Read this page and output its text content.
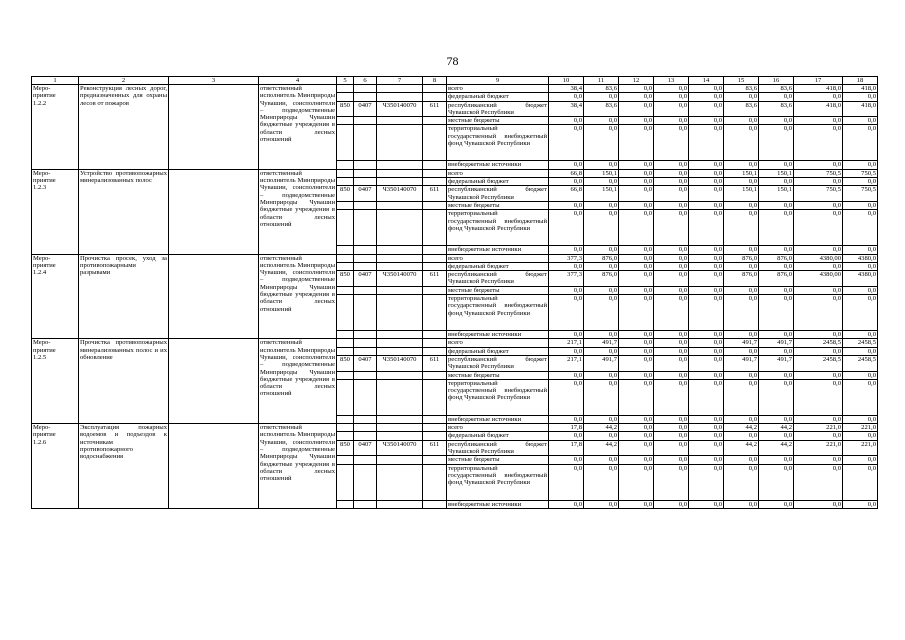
78
1	2	3	4	5	6	7	8	9	10	11	12	13	14	15	16	17	18

Меро-
приятие
1.2.2	Реконструкция лесных дорог, предназначенных для охраны лесов от пожаров		ответственный исполнитель Минприроды Чувашии, соисполнители – подведомственные Минприроды Чувашии бюджетные учреждения в области лесных отношений					всего	38,4	83,6	0,0	0,0	0,0	83,6	83,6	418,0	418,0
								федеральный бюджет	0,0	0,0	0,0	0,0	0,0	0,0	0,0	0,0	0,0
				850	0407	Ч350140070	611	республиканский бюджет Чувашской Республики	38,4	83,6	0,0	0,0	0,0	83,6	83,6	418,0	418,0
								местные бюджеты	0,0	0,0	0,0	0,0	0,0	0,0	0,0	0,0	0,0
								территориальный государственный внебюджетный фонд Чувашской Республики	0,0	0,0	0,0	0,0	0,0	0,0	0,0	0,0	0,0
								внебюджетные источники	0,0	0,0	0,0	0,0	0,0	0,0	0,0	0,0	0,0

Меро-
приятие
1.2.3	Устройство противопожарных минерализованных полос		ответственный исполнитель Минприроды Чувашии, соисполнители – подведомственные Минприроды Чувашии бюджетные учреждения в области лесных отношений					всего	66,8	150,1	0,0	0,0	0,0	150,1	150,1	750,5	750,5
								федеральный бюджет	0,0	0,0	0,0	0,0	0,0	0,0	0,0	0,0	0,0
				850	0407	Ч350140070	611	республиканский бюджет Чувашской Республики	66,8	150,1	0,0	0,0	0,0	150,1	150,1	750,5	750,5
								местные бюджеты	0,0	0,0	0,0	0,0	0,0	0,0	0,0	0,0	0,0
								территориальный государственный внебюджетный фонд Чувашской Республики	0,0	0,0	0,0	0,0	0,0	0,0	0,0	0,0	0,0
								внебюджетные источники	0,0	0,0	0,0	0,0	0,0	0,0	0,0	0,0	0,0

Меро-
приятие
1.2.4	Прочистка просек, уход за противопожарными разрывами		ответственный исполнитель Минприроды Чувашии, соисполнители – подведомственные Минприроды Чувашии бюджетные учреждения в области лесных отношений					всего	377,3	876,0	0,0	0,0	0,0	876,0	876,0	4380,00	4380,0
								федеральный бюджет	0,0	0,0	0,0	0,0	0,0	0,0	0,0	0,0	0,0
				850	0407	Ч350140070	611	республиканский бюджет Чувашской Республики	377,3	876,0	0,0	0,0	0,0	876,0	876,0	4380,00	4380,0
								местные бюджеты	0,0	0,0	0,0	0,0	0,0	0,0	0,0	0,0	0,0
								территориальный государственный внебюджетный фонд Чувашской Республики	0,0	0,0	0,0	0,0	0,0	0,0	0,0	0,0	0,0
								внебюджетные источники	0,0	0,0	0,0	0,0	0,0	0,0	0,0	0,0	0,0

Меро-
приятие
1.2.5	Прочистка противопожарных минерализованных полос и их обновление		ответственный исполнитель Минприроды Чувашии, соисполнители – подведомственные Минприроды Чувашии бюджетные учреждения в области лесных отношений					всего	217,1	491,7	0,0	0,0	0,0	491,7	491,7	2458,5	2458,5
								федеральный бюджет	0,0	0,0	0,0	0,0	0,0	0,0	0,0	0,0	0,0
				850	0407	Ч350140070	611	республиканский бюджет Чувашской Республики	217,1	491,7	0,0	0,0	0,0	491,7	491,7	2458,5	2458,5
								местные бюджеты	0,0	0,0	0,0	0,0	0,0	0,0	0,0	0,0	0,0
								территориальный государственный внебюджетный фонд Чувашской Республики	0,0	0,0	0,0	0,0	0,0	0,0	0,0	0,0	0,0
								внебюджетные источники	0,0	0,0	0,0	0,0	0,0	0,0	0,0	0,0	0,0

Меро-
приятие
1.2.6	Эксплуатация пожарных водоемов и подъездов к источникам противопожарного водоснабжения		ответственный исполнитель Минприроды Чувашии, соисполнители – подведомственные Минприроды Чувашии бюджетные учреждения в области лесных отношений					всего	17,8	44,2	0,0	0,0	0,0	44,2	44,2	221,0	221,0
								федеральный бюджет	0,0	0,0	0,0	0,0	0,0	0,0	0,0	0,0	0,0
				850	0407	Ч350140070	611	республиканский бюджет Чувашской Республики	17,8	44,2	0,0	0,0	0,0	44,2	44,2	221,0	221,0
								местные бюджеты	0,0	0,0	0,0	0,0	0,0	0,0	0,0	0,0	0,0
								территориальный государственный внебюджетный фонд Чувашской Республики	0,0	0,0	0,0	0,0	0,0	0,0	0,0	0,0	0,0
								внебюджетные источники	0,0	0,0	0,0	0,0	0,0	0,0	0,0	0,0	0,0
